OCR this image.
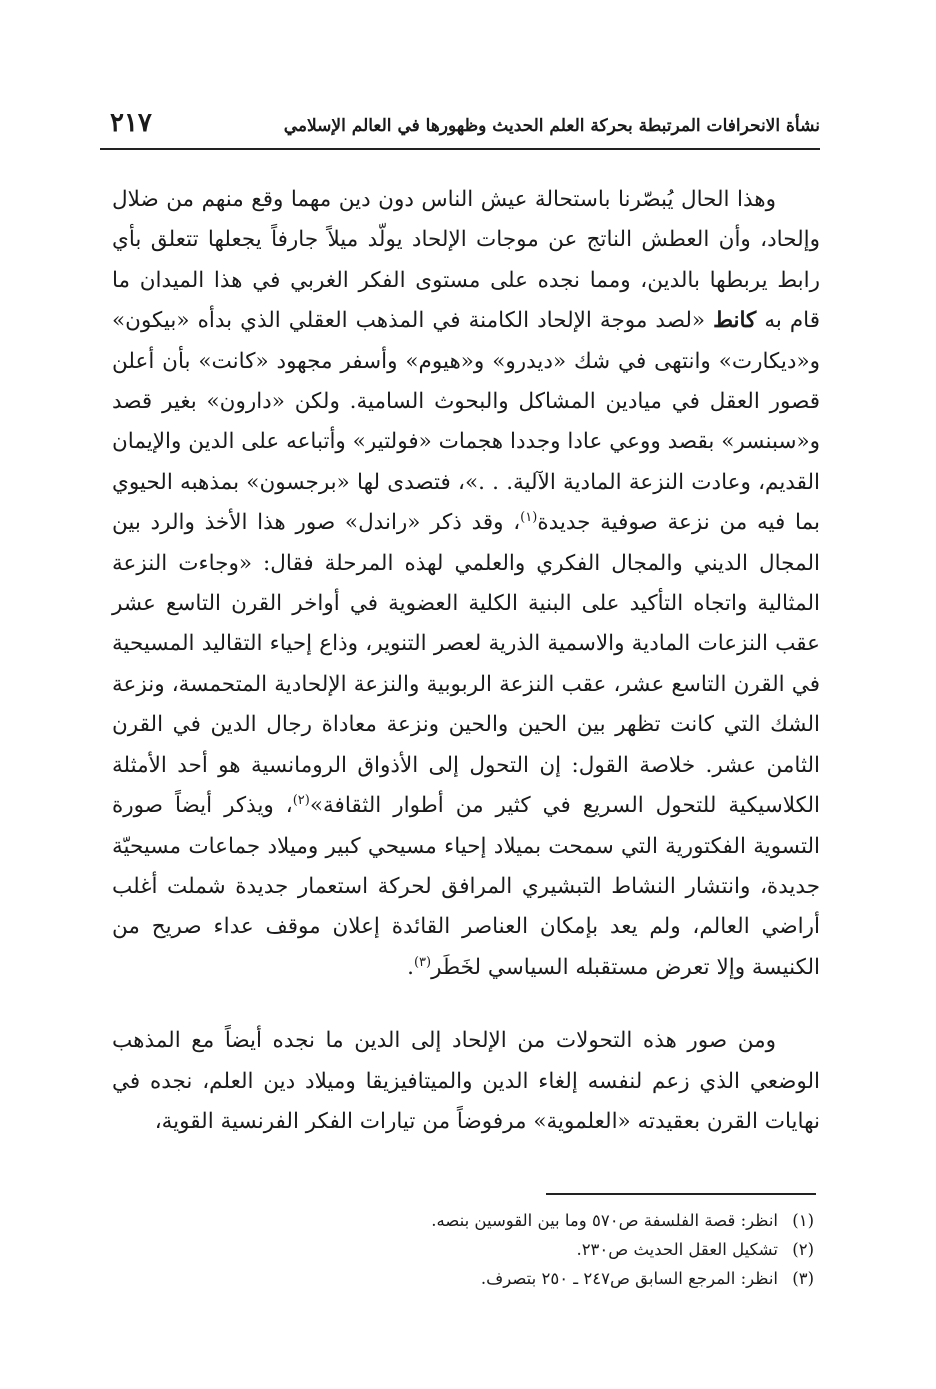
نشأة الانحرافات المرتبطة بحركة العلم الحديث وظهورها في العالم الإسلامي
٢١٧

وهذا الحال يُبصّرنا باستحالة عيش الناس دون دين مهما وقع منهم من ضلال وإلحاد، وأن العطش الناتج عن موجات الإلحاد يولّد ميلاً جارفاً يجعلها تتعلق بأي رابط يربطها بالدين، ومما نجده على مستوى الفكر الغربي في هذا الميدان ما قام به كانط «لصد موجة الإلحاد الكامنة في المذهب العقلي الذي بدأه «بيكون» و«ديكارت» وانتهى في شك «ديدرو» و«هيوم» وأسفر مجهود «كانت» بأن أعلن قصور العقل في ميادين المشاكل والبحوث السامية. ولكن «دارون» بغير قصد و«سبنسر» بقصد ووعي عادا وجددا هجمات «فولتير» وأتباعه على الدين والإيمان القديم، وعادت النزعة المادية الآلية. . .»، فتصدى لها «برجسون» بمذهبه الحيوي بما فيه من نزعة صوفية جديدة$^{(١)}$، وقد ذكر «راندل» صور هذا الأخذ والرد بين المجال الديني والمجال الفكري والعلمي لهذه المرحلة فقال: «وجاءت النزعة المثالية واتجاه التأكيد على البنية الكلية العضوية في أواخر القرن التاسع عشر عقب النزعات المادية والاسمية الذرية لعصر التنوير، وذاع إحياء التقاليد المسيحية في القرن التاسع عشر، عقب النزعة الربوبية والنزعة الإلحادية المتحمسة، ونزعة الشك التي كانت تظهر بين الحين والحين ونزعة معاداة رجال الدين في القرن الثامن عشر. خلاصة القول: إن التحول إلى الأذواق الرومانسية هو أحد الأمثلة الكلاسيكية للتحول السريع في كثير من أطوار الثقافة»$^{(٢)}$، ويذكر أيضاً صورة التسوية الفكتورية التي سمحت بميلاد إحياء مسيحي كبير وميلاد جماعات مسيحيّة جديدة، وانتشار النشاط التبشيري المرافق لحركة استعمار جديدة شملت أغلب أراضي العالم، ولم يعد بإمكان العناصر القائدة إعلان موقف عداء صريح من الكنيسة وإلا تعرض مستقبله السياسي لخَطَر$^{(٣)}$.

ومن صور هذه التحولات من الإلحاد إلى الدين ما نجده أيضاً مع المذهب الوضعي الذي زعم لنفسه إلغاء الدين والميتافيزيقا وميلاد دين العلم، نجده في نهايات القرن بعقيدته «العلموية» مرفوضاً من تيارات الفكر الفرنسية القوية،

(١)
انظر: قصة الفلسفة ص٥٧٠ وما بين القوسين بنصه.
(٢)
تشكيل العقل الحديث ص٢٣٠.
(٣)
انظر: المرجع السابق ص٢٤٧ ـ ٢٥٠ بتصرف.
